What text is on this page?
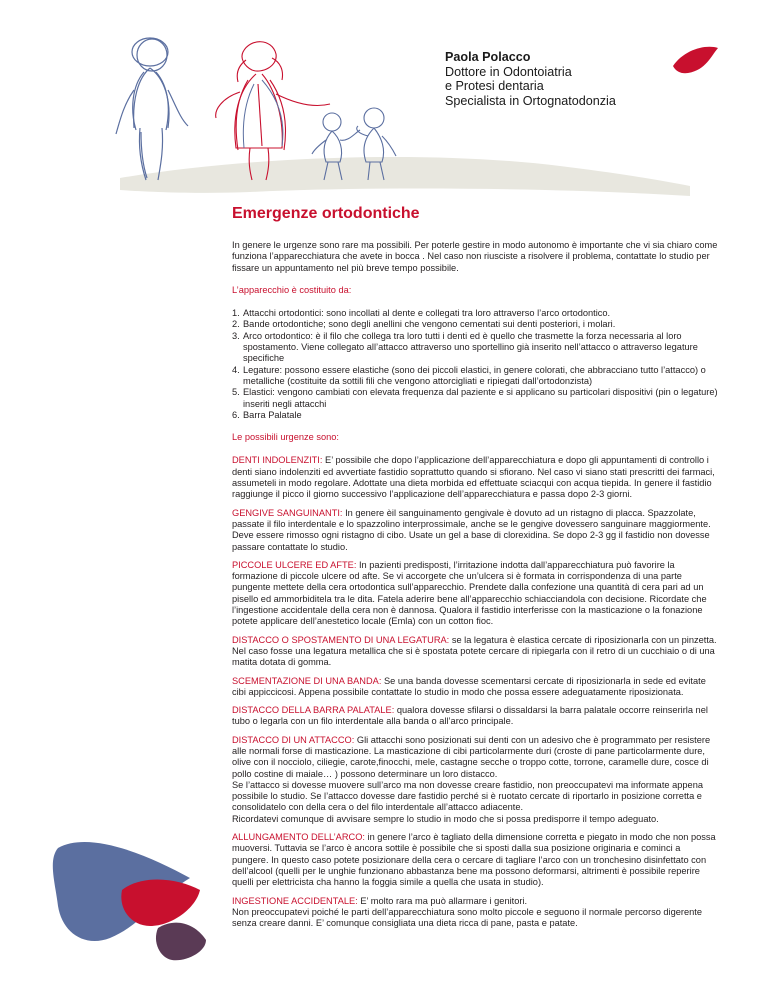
Paola Polacco
Dottore in Odontoiatria
e Protesi dentaria
Specialista in Ortognatodonzia
Emergenze ortodontiche

In genere le urgenze sono rare ma possibili. Per poterle gestire in modo autonomo è importante che vi sia chiaro come funziona l’apparecchiatura che avete in bocca . Nel caso non riusciste a risolvere il problema, contattate lo studio per fissare un appuntamento nel più breve tempo possibile.

L’apparecchio è costituito da:

1. Attacchi ortodontici: sono incollati al dente e collegati tra loro attraverso l’arco ortodontico.
2. Bande ortodontiche; sono degli anellini che vengono cementati sui denti posteriori, i molari.
3. Arco ortodontico: è il filo che collega tra loro tutti i denti ed è quello che trasmette la forza necessaria al loro spostamento. Viene collegato all’attacco attraverso uno sportellino già inserito nell’attacco o attraverso legature specifiche
4. Legature: possono essere elastiche (sono dei piccoli elastici, in genere colorati, che abbracciano tutto l’attacco) o metalliche (costituite da sottili fili che vengono attorcigliati e ripiegati dall’ortodonzista)
5. Elastici: vengono cambiati con elevata frequenza dal paziente e si applicano su particolari dispositivi (pin o legature) inseriti negli attacchi
6. Barra Palatale

Le possibili urgenze sono:

DENTI INDOLENZITI: E’ possibile che dopo l’applicazione dell’apparecchiatura e dopo gli appuntamenti di controllo i denti siano indolenziti ed avvertiate fastidio soprattutto quando si sfiorano. Nel caso vi siano stati prescritti dei farmaci, assumeteli in modo regolare. Adottate una dieta morbida ed effettuate sciacqui con acqua tiepida. In genere il fastidio raggiunge il picco il giorno successivo l’applicazione dell’apparecchiatura e passa dopo 2-3 giorni.

GENGIVE SANGUINANTI: In genere èil sanguinamento gengivale è dovuto ad un ristagno di placca. Spazzolate, passate il filo interdentale e lo spazzolino interprossimale, anche se le gengive dovessero sanguinare maggiormente. Deve essere rimosso ogni ristagno di cibo. Usate un gel a base di clorexidina. Se dopo 2-3 gg il fastidio non dovesse passare contattate lo studio.

PICCOLE ULCERE ED AFTE: In pazienti predisposti, l’irritazione indotta dall’apparecchiatura può favorire la formazione di piccole ulcere od afte. Se vi accorgete che un’ulcera si è formata in corrispondenza di una parte pungente mettete della cera ortodontica sull’apparecchio. Prendete dalla confezione una quantità di cera pari ad un pisello ed ammorbiditela tra le dita. Fatela aderire bene all’apparecchio schiacciandola con decisione. Ricordate che l’ingestione accidentale della cera non è dannosa. Qualora il fastidio interferisse con la masticazione o la fonazione potete applicare dell’anestetico locale (Emla) con un cotton fioc.

DISTACCO O SPOSTAMENTO DI UNA LEGATURA: se la legatura è elastica cercate di riposizionarla con un pinzetta. Nel caso fosse una legatura metallica che si è spostata potete cercare di ripiegarla con il retro di un cucchiaio o di una matita dotata di gomma.

SCEMENTAZIONE DI UNA BANDA: Se una banda dovesse scementarsi cercate di riposizionarla in sede ed evitate cibi appiccicosi. Appena possibile contattate lo studio in modo che possa essere adeguatamente riposizionata.

DISTACCO DELLA BARRA PALATALE: qualora dovesse sfilarsi o dissaldarsi la barra palatale occorre reinserirla nel tubo o legarla con un filo interdentale alla banda o all’arco principale.

DISTACCO DI UN ATTACCO: Gli attacchi sono posizionati sui denti con un adesivo che è programmato per resistere alle normali forse di masticazione. La masticazione di cibi particolarmente duri (croste di pane particolarmente dure, olive con il nocciolo, ciliegie, carote,finocchi, mele, castagne secche o troppo cotte, torrone, caramelle dure, cosce di pollo costine di maiale… ) possono determinare un loro distacco.
Se l’attacco si dovesse muovere sull’arco ma non dovesse creare fastidio, non preoccupatevi ma informate appena possibile lo studio. Se l’attacco dovesse dare fastidio perché si è ruotato cercate di riportarlo in posizione corretta e consolidatelo con della cera o del filo interdentale all’attacco adiacente.
Ricordatevi comunque di avvisare sempre lo studio in modo che si possa predisporre il tempo adeguato.

ALLUNGAMENTO DELL’ARCO: in genere l’arco è tagliato della dimensione corretta e piegato in modo che non possa muoversi. Tuttavia se l’arco è ancora sottile è possibile che si sposti dalla sua posizione originaria e cominci a pungere. In questo caso potete posizionare della cera o cercare di tagliare l’arco con un tronchesino disinfettato con dell’alcool (quelli per le unghie funzionano abbastanza bene ma possono deformarsi, altrimenti è possibile reperire quelli per elettricista cha hanno la foggia simile a quella che usata in studio).

INGESTIONE ACCIDENTALE: E’ molto rara ma può allarmare i genitori.
Non preoccupatevi poiché le parti dell’apparecchiatura sono molto piccole e seguono il normale percorso digerente senza creare danni. E’ comunque consigliata una dieta ricca di pane, pasta e patate.
